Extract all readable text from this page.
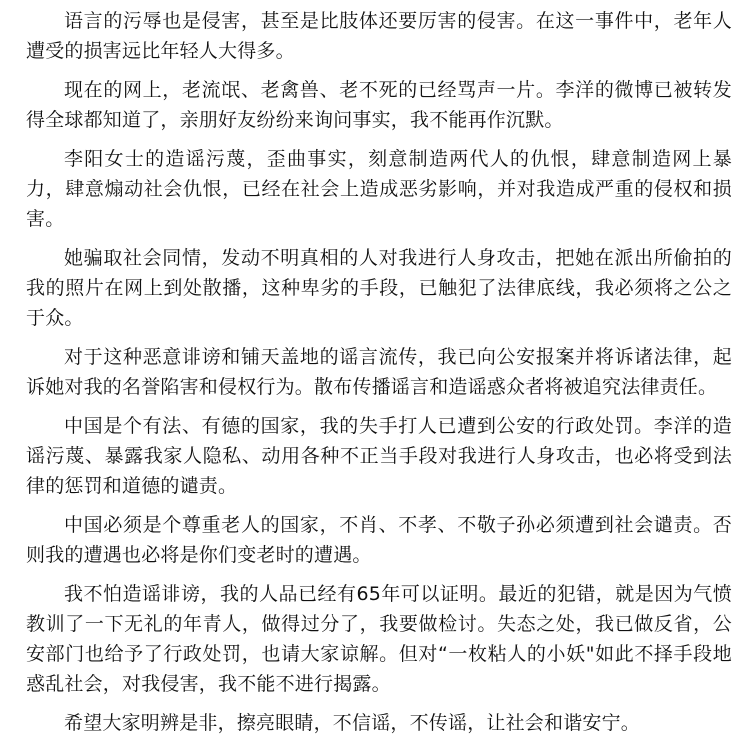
语言的污辱也是侵害，甚至是比肢体还要厉害的侵害。在这一事件中，老年人遭受的损害远比年轻人大得多。

现在的网上，老流氓、老禽兽、老不死的已经骂声一片。李洋的微博已被转发得全球都知道了，亲朋好友纷纷来询问事实，我不能再作沉默。

李阳女士的造谣污蔑，歪曲事实，刻意制造两代人的仇恨，肆意制造网上暴力，肆意煽动社会仇恨，已经在社会上造成恶劣影响，并对我造成严重的侵权和损害。

她骗取社会同情，发动不明真相的人对我进行人身攻击，把她在派出所偷拍的我的照片在网上到处散播，这种卑劣的手段，已触犯了法律底线，我必须将之公之于众。

对于这种恶意诽谤和铺天盖地的谣言流传，我已向公安报案并将诉诸法律，起诉她对我的名誉陷害和侵权行为。散布传播谣言和造谣惑众者将被追究法律责任。

中国是个有法、有德的国家，我的失手打人已遭到公安的行政处罚。李洋的造谣污蔑、暴露我家人隐私、动用各种不正当手段对我进行人身攻击，也必将受到法律的惩罚和道德的谴责。

中国必须是个尊重老人的国家，不肖、不孝、不敬子孙必须遭到社会谴责。否则我的遭遇也必将是你们变老时的遭遇。

我不怕造谣诽谤，我的人品已经有65年可以证明。最近的犯错，就是因为气愤教训了一下无礼的年青人，做得过分了，我要做检讨。失态之处，我已做反省，公安部门也给予了行政处罚，也请大家谅解。但对“一枚粘人的小妖"如此不择手段地惑乱社会，对我侵害，我不能不进行揭露。

希望大家明辨是非，擦亮眼睛，不信谣，不传谣，让社会和谐安宁。
